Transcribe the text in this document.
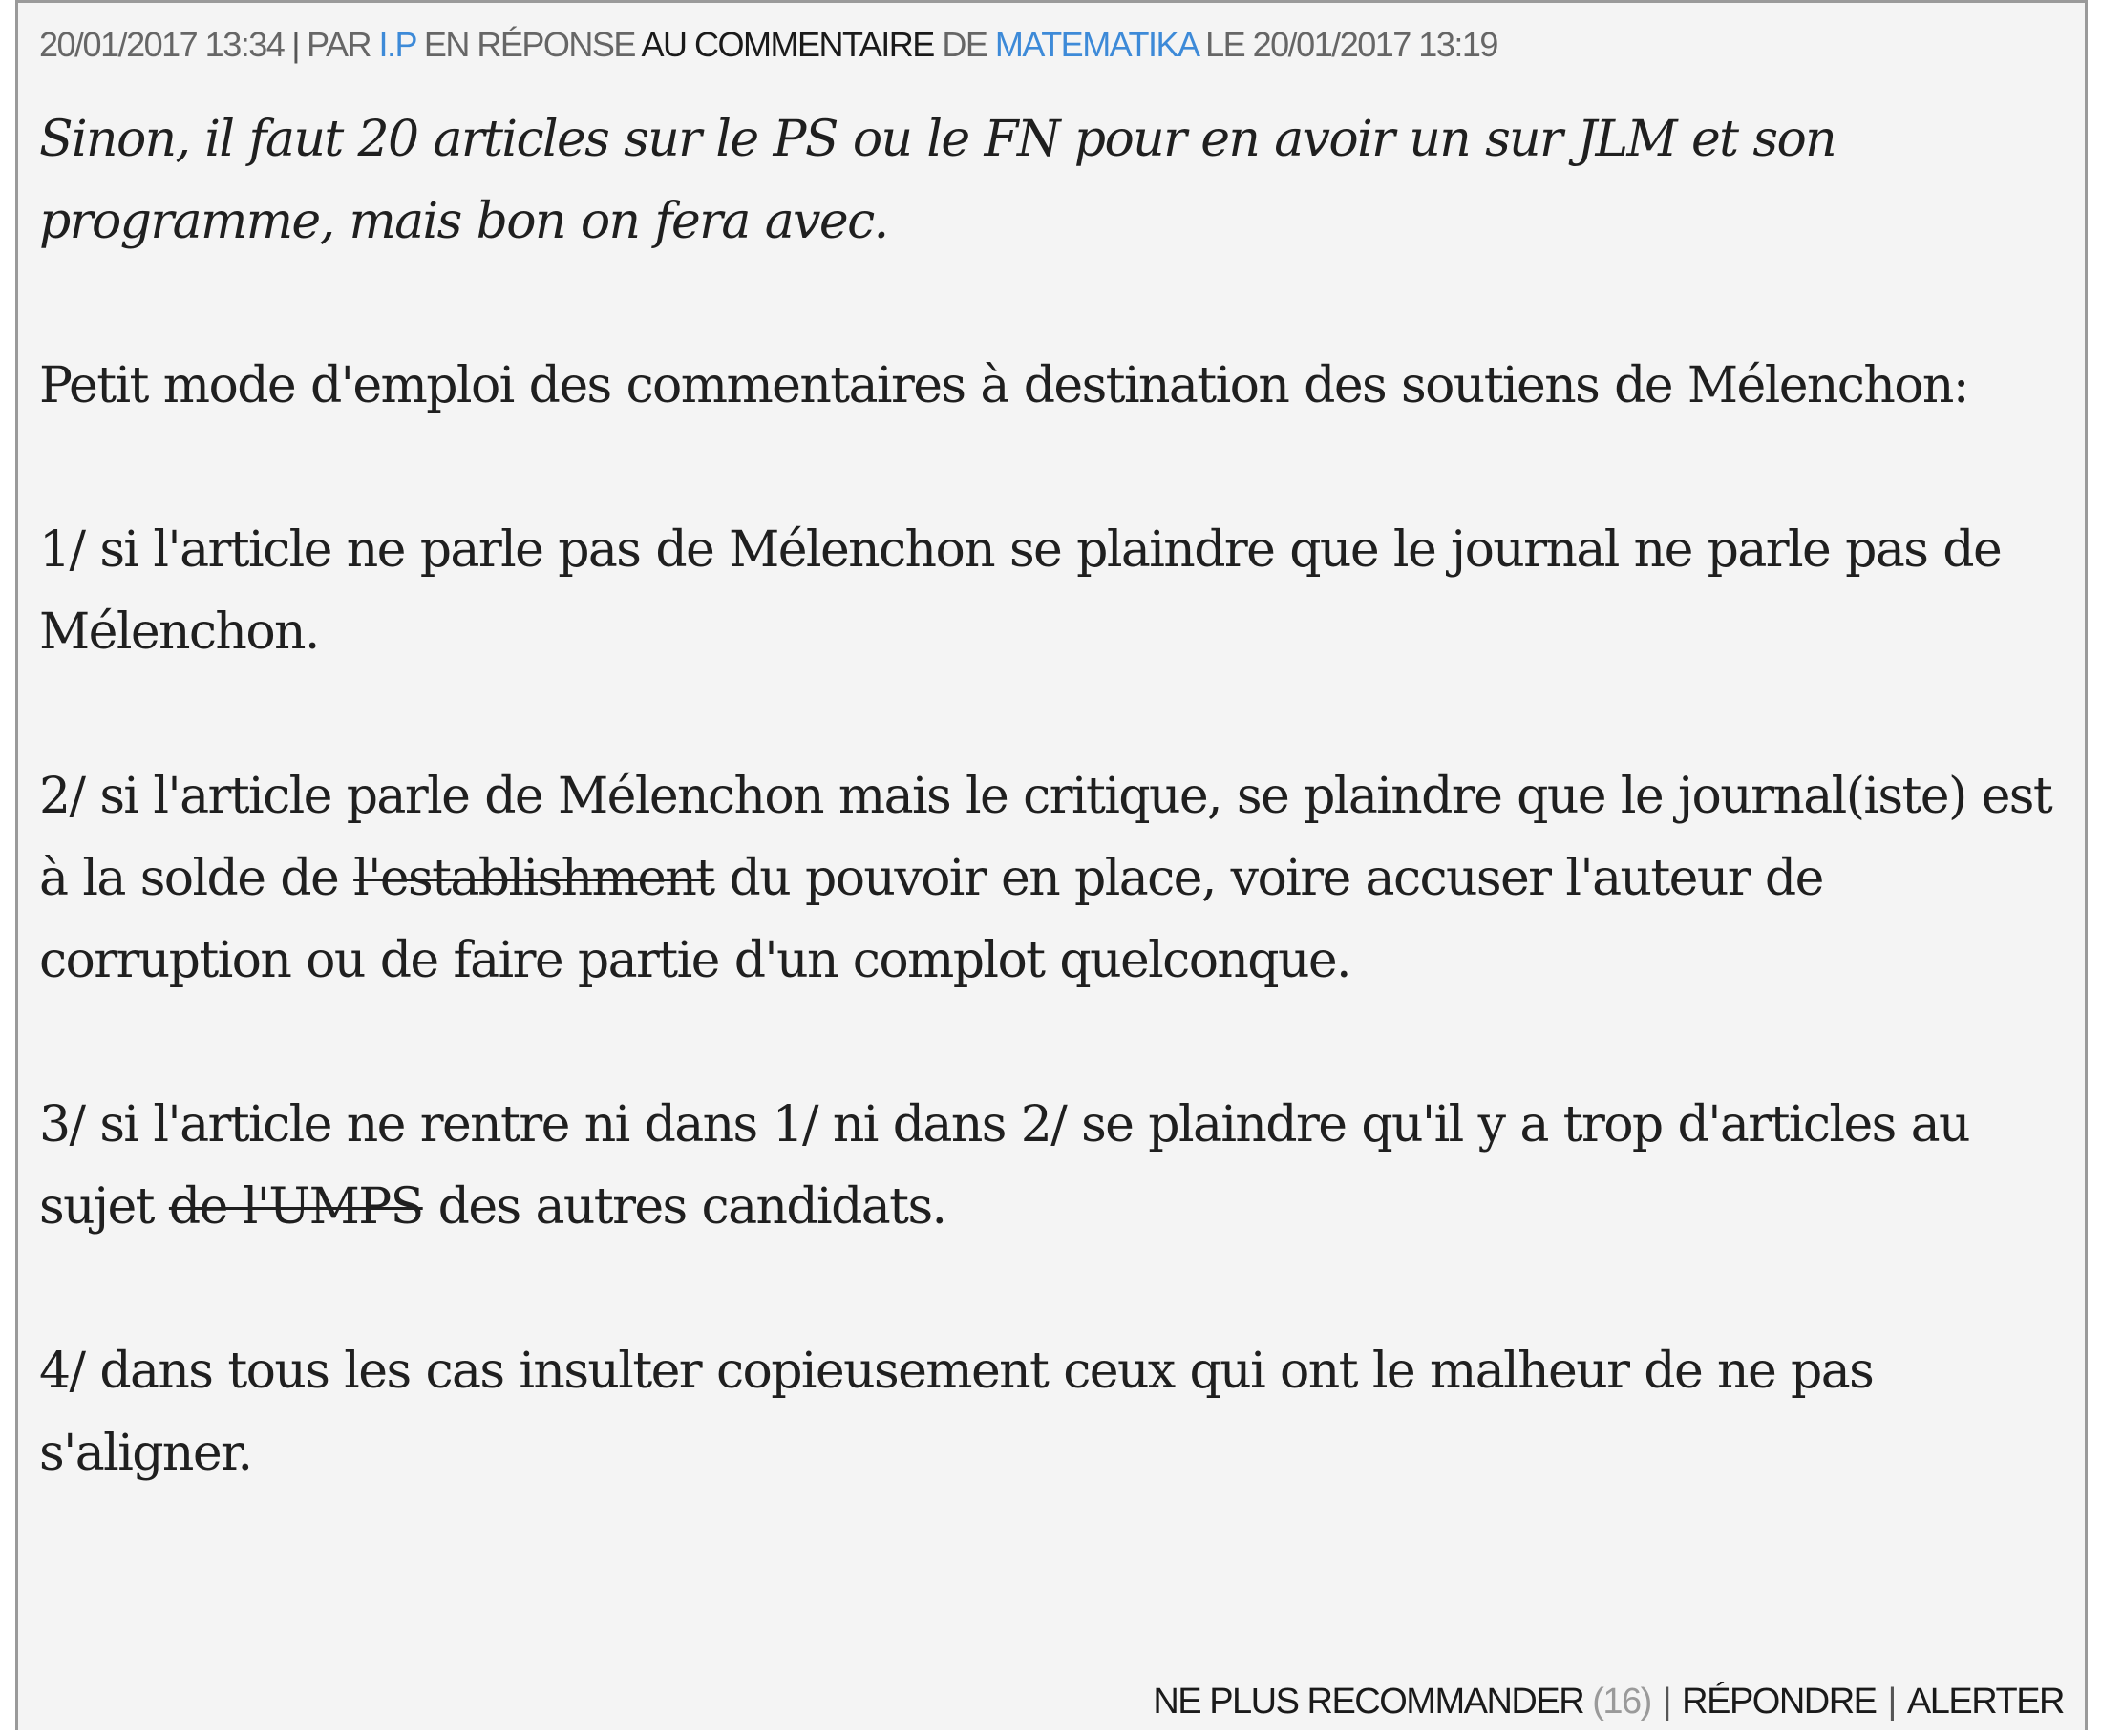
20/01/2017 13:34 | PAR I.P EN RÉPONSE AU COMMENTAIRE DE MATEMATIKA LE 20/01/2017 13:19

Sinon, il faut 20 articles sur le PS ou le FN pour en avoir un sur JLM et son programme, mais bon on fera avec.

Petit mode d'emploi des commentaires à destination des soutiens de Mélenchon:

1/ si l'article ne parle pas de Mélenchon se plaindre que le journal ne parle pas de Mélenchon.

2/ si l'article parle de Mélenchon mais le critique, se plaindre que le journal(iste) est à la solde de l'establishment du pouvoir en place, voire accuser l'auteur de corruption ou de faire partie d'un complot quelconque.

3/ si l'article ne rentre ni dans 1/ ni dans 2/ se plaindre qu'il y a trop d'articles au sujet de l'UMPS des autres candidats.

4/ dans tous les cas insulter copieusement ceux qui ont le malheur de ne pas s'aligner.

NE PLUS RECOMMANDER (16) | RÉPONDRE | ALERTER
